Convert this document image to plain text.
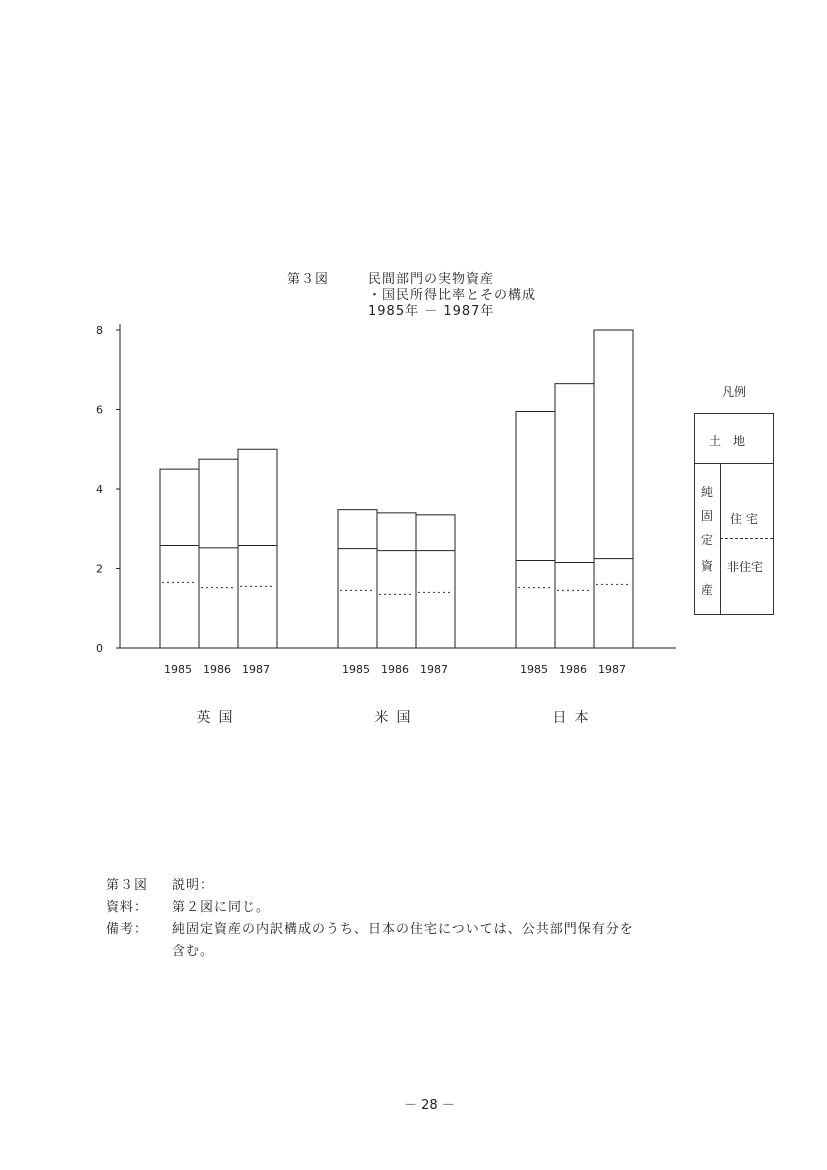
第３図	民間部門の実物資産
・国民所得比率とその構成
1985年 － 1987年
0
2
4
6
8
1985 1986 1987	1985 1986 1987	1985 1986 1987
英国	米国	日本
凡例
土　地
純
固
定
資
産
住 宅
非住宅
第３図 説明：
資料： 第２図に同じ。
備考： 純固定資産の内訳構成のうち、日本の住宅については、公共部門保有分を
含む。
－ 28 －
